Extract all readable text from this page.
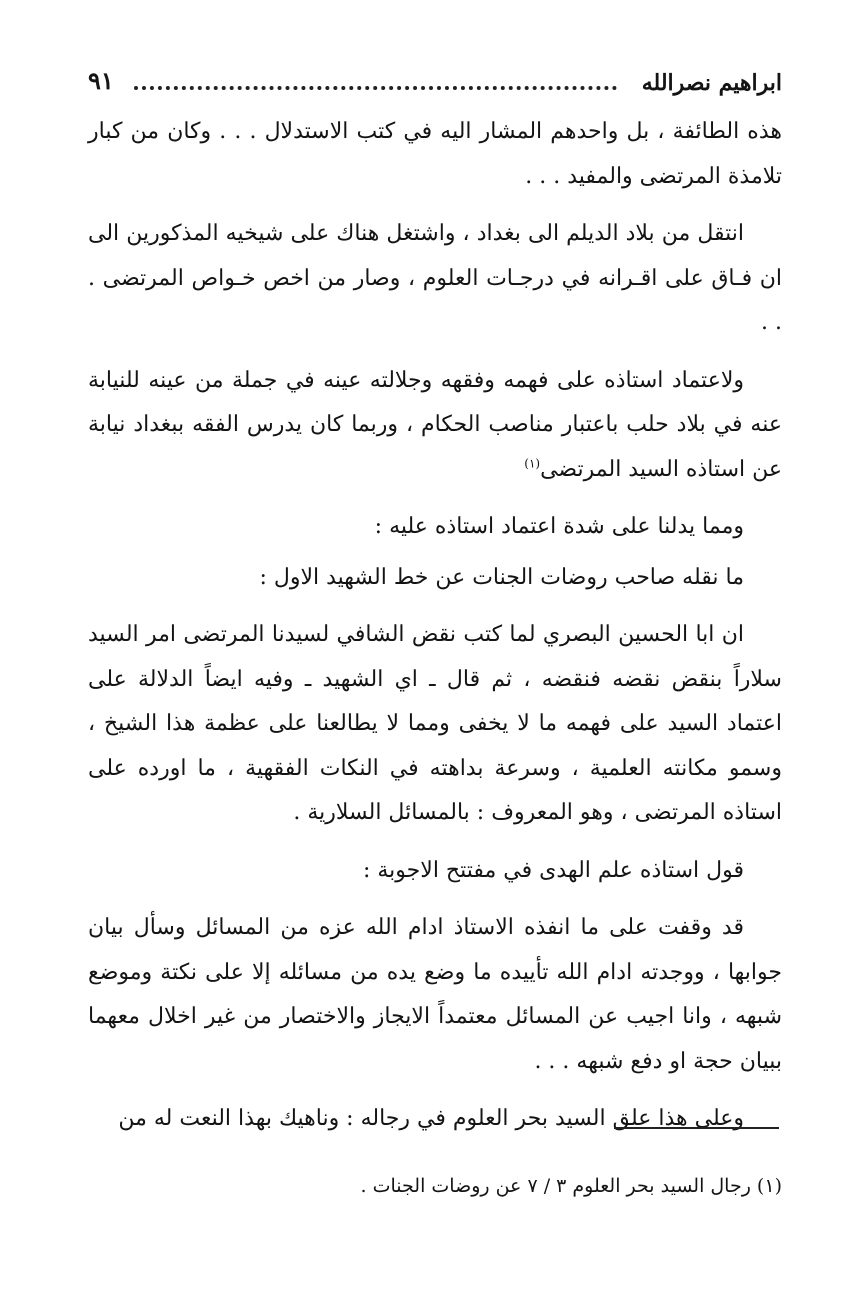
ابراهيم نصرالله
٩١

هذه الطائفة ، بل واحدهم المشار اليه في كتب الاستدلال . . . وكان من كبار تلامذة المرتضى والمفيد . . .

انتقل من بلاد الديلم الى بغداد ، واشتغل هناك على شيخيه المذكورين الى ان فـاق على اقـرانه في درجـات العلوم ، وصار من اخص خـواص المرتضى . . .

ولاعتماد استاذه على فهمه وفقهه وجلالته عينه في جملة من عينه للنيابة عنه في بلاد حلب باعتبار مناصب الحكام ، وربما كان يدرس الفقه ببغداد نيابة عن استاذه السيد المرتضى$^{(١)}$

ومما يدلنا على شدة اعتماد استاذه عليه :

ما نقله صاحب روضات الجنات عن خط الشهيد الاول :

ان ابا الحسين البصري لما كتب نقض الشافي لسيدنا المرتضى امر السيد سلاراً بنقض نقضه فنقضه ، ثم قال ـ اي الشهيد ـ وفيه ايضاً الدلالة على اعتماد السيد على فهمه ما لا يخفى ومما لا يطالعنا على عظمة هذا الشيخ ، وسمو مكانته العلمية ، وسرعة بداهته في النكات الفقهية ، ما اورده على استاذه المرتضى ، وهو المعروف : بالمسائل السلارية .

قول استاذه علم الهدى في مفتتح الاجوبة :

قد وقفت على ما انفذه الاستاذ ادام الله عزه من المسائل وسأل بيان جوابها ، ووجدته ادام الله تأييده ما وضع يده من مسائله إلا على نكتة وموضع شبهه ، وانا اجيب عن المسائل معتمداً الايجاز والاختصار من غير اخلال معهما ببيان حجة او دفع شبهه . . .

وعلى هذا علق السيد بحر العلوم في رجاله : وناهيك بهذا النعت له من

(١) رجال السيد بحر العلوم ٣ / ٧ عن روضات الجنات .
